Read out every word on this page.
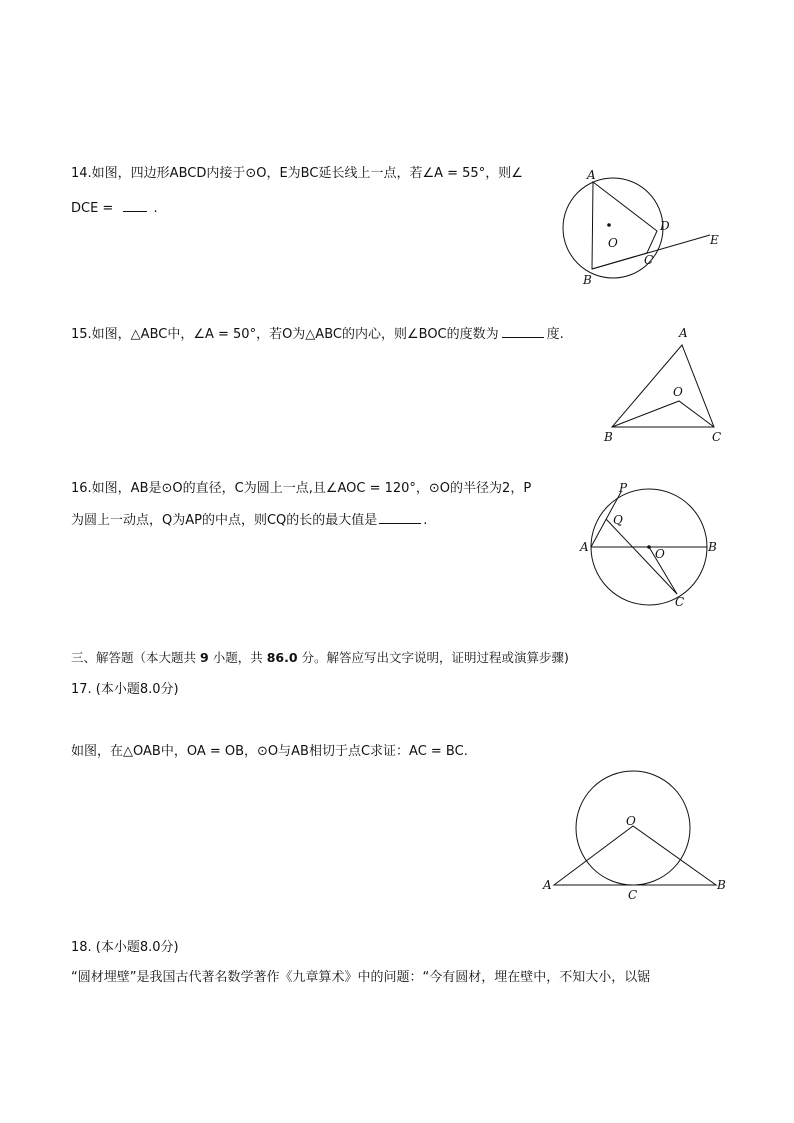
14.如图，四边形ABCD内接于⊙O，E为BC延长线上一点，若∠A = 55°，则∠
DCE =	.
A
D
O	E
C
B
15.如图，△ABC中，∠A = 50°，若O为△ABC的内心，则∠BOC的度数为	度.	A
O
B	C
16.如图，AB是⊙O的直径，C为圆上一点,且∠AOC = 120°，⊙O的半径为2，P
为圆上一动点，Q为AP的中点，则CQ的长的最大值是	.
P
Q
A	O	B
C
三、解答题（本大题共 9 小题，共 86.0 分。解答应写出文字说明，证明过程或演算步骤)
17. (本小题8.0分)
如图，在△OAB中，OA = OB，⊙O与AB相切于点C求证：AC = BC.
O
A
C
B
18. (本小题8.0分)
“圆材埋壁”是我国古代著名数学著作《九章算术》中的问题：“今有圆材，埋在壁中，不知大小，以锯
